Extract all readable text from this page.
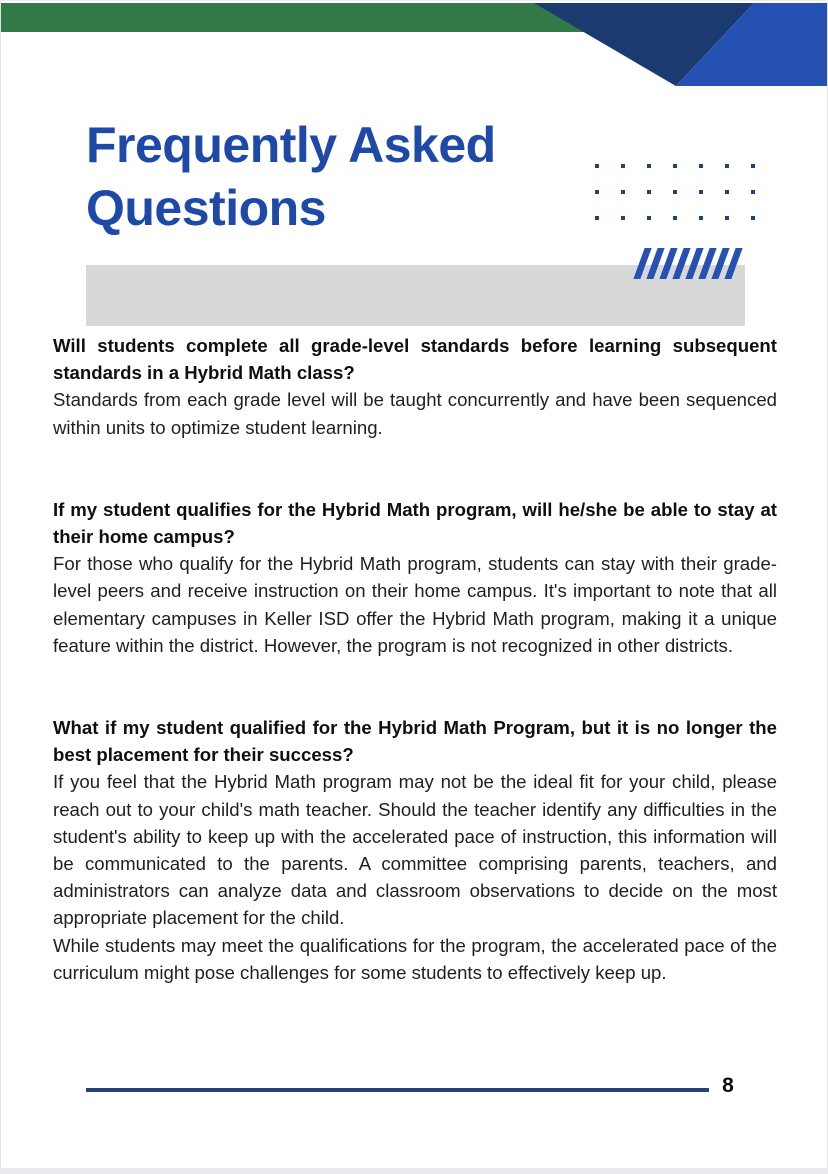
Frequently Asked
Questions

Will students complete all grade-level standards before learning subsequent standards in a Hybrid Math class?

Standards from each grade level will be taught concurrently and have been sequenced within units to optimize student learning.

If my student qualifies for the Hybrid Math program, will he/she be able to stay at their home campus?

For those who qualify for the Hybrid Math program, students can stay with their grade-level peers and receive instruction on their home campus. It's important to note that all elementary campuses in Keller ISD offer the Hybrid Math program, making it a unique feature within the district. However, the program is not recognized in other districts.

What if my student qualified for the Hybrid Math Program, but it is no longer the best placement for their success?

If you feel that the Hybrid Math program may not be the ideal fit for your child, please reach out to your child's math teacher. Should the teacher identify any difficulties in the student's ability to keep up with the accelerated pace of instruction, this information will be communicated to the parents. A committee comprising parents, teachers, and administrators can analyze data and classroom observations to decide on the most appropriate placement for the child.

While students may meet the qualifications for the program, the accelerated pace of the curriculum might pose challenges for some students to effectively keep up.

8
